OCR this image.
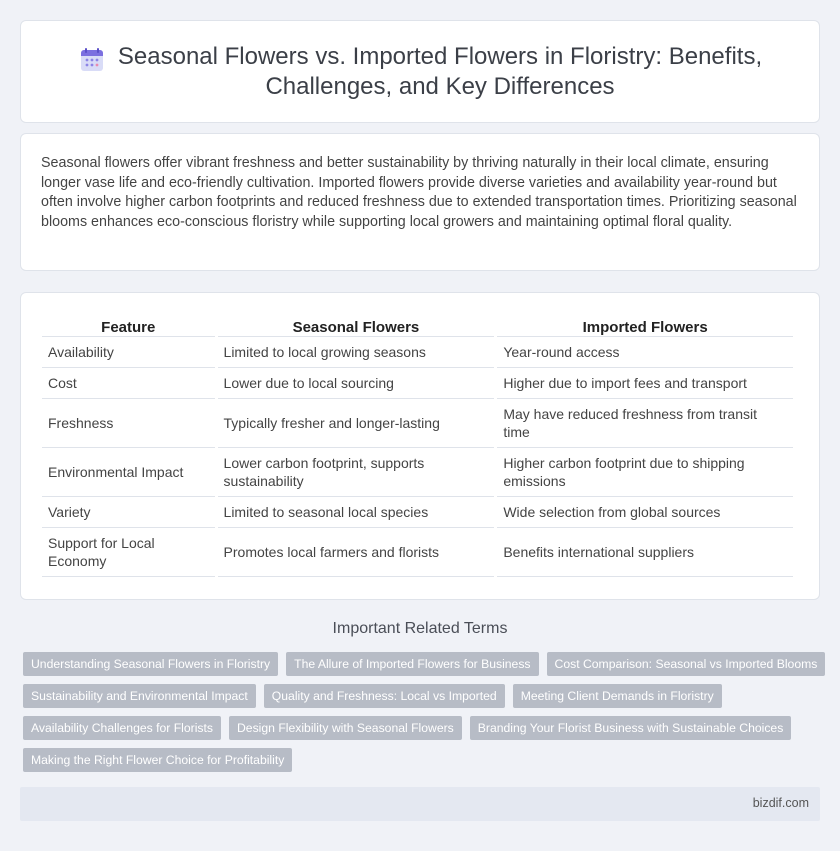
Seasonal Flowers vs. Imported Flowers in Floristry: Benefits, Challenges, and Key Differences

Seasonal flowers offer vibrant freshness and better sustainability by thriving naturally in their local climate, ensuring longer vase life and eco-friendly cultivation. Imported flowers provide diverse varieties and availability year-round but often involve higher carbon footprints and reduced freshness due to extended transportation times. Prioritizing seasonal blooms enhances eco-conscious floristry while supporting local growers and maintaining optimal floral quality.

Feature	Seasonal Flowers	Imported Flowers
Availability	Limited to local growing seasons	Year-round access
Cost	Lower due to local sourcing	Higher due to import fees and transport
Freshness	Typically fresher and longer-lasting	May have reduced freshness from transit time
Environmental Impact	Lower carbon footprint, supports sustainability	Higher carbon footprint due to shipping emissions
Variety	Limited to seasonal local species	Wide selection from global sources
Support for Local Economy	Promotes local farmers and florists	Benefits international suppliers
Important Related Terms
Understanding Seasonal Flowers in Floristry	The Allure of Imported Flowers for Business	Cost Comparison: Seasonal vs Imported Blooms
Sustainability and Environmental Impact	Quality and Freshness: Local vs Imported	Meeting Client Demands in Floristry
Availability Challenges for Florists	Design Flexibility with Seasonal Flowers	Branding Your Florist Business with Sustainable Choices
Making the Right Flower Choice for Profitability
bizdif.com
